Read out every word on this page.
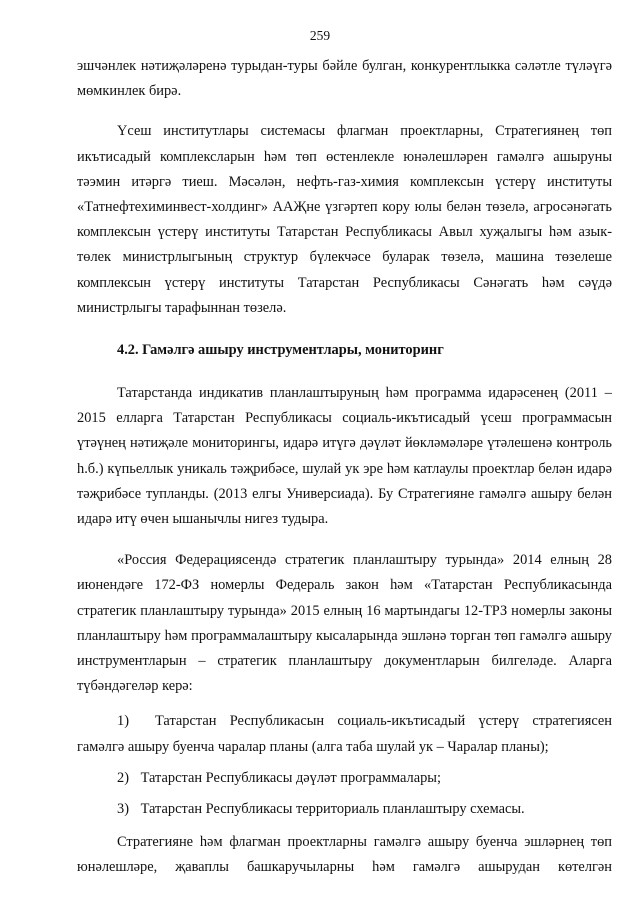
259

эшчәнлек нәтиҗәләренә турыдан-туры бәйле булган, конкурентлыкка сәләтле түләүгә мөмкинлек бирә.

Үсеш институтлары системасы флагман проектларны, Стратегиянең төп икътисадый комплексларын һәм төп өстенлекле юнәлешләрен гамәлгә ашыруны тәэмин итәргә тиеш. Мәсәлән, нефть-газ-химия комплексын үстерү институты «Татнефтехиминвест-холдинг» ААҖне үзгәртеп кору юлы белән төзелә, агросәнәгать комплексын үстерү институты Татарстан Республикасы Авыл хуҗалыгы һәм азык-төлек министрлыгының структур бүлекчәсе буларак төзелә, машина төзелеше комплексын үстерү институты Татарстан Республикасы Сәнәгать һәм сәүдә министрлыгы тарафыннан төзелә.

4.2. Гамәлгә ашыру инструментлары, мониторинг

Татарстанда индикатив планлаштыруның һәм программа идарәсенең (2011 – 2015 елларга Татарстан Республикасы социаль-икътисадый үсеш программасын үтәүнең нәтиҗәле мониторингы, идарә итүгә дәүләт йөкләмәләре үтәлешенә контроль h.б.) күпьеллык уникаль тәҗрибәсе, шулай ук эре һәм катлаулы проектлар белән идарә тәҗрибәсе тупланды. (2013 елгы Универсиада). Бу Стратегияне гамәлгә ашыру белән идарә итү өчен ышанычлы нигез тудыра.

«Россия Федерациясендә стратегик планлаштыру турында» 2014 елның 28 июнендәге 172-ФЗ номерлы Федераль закон һәм «Татарстан Республикасында стратегик планлаштыру турында» 2015 елның 16 мартындагы 12-ТРЗ номерлы законы планлаштыру һәм программалаштыру кысаларында эшләнә торган төп гамәлгә ашыру инструментларын – стратегик планлаштыру документларын билгеләде. Аларга түбәндәгеләр керә:

1) Татарстан Республикасын социаль-икътисадый үстерү стратегиясен гамәлгә ашыру буенча чаралар планы (алга таба шулай ук – Чаралар планы);

2) Татарстан Республикасы дәүләт программалары;

3) Татарстан Республикасы территориаль планлаштыру схемасы.

Стратегияне һәм флагман проектларны гамәлгә ашыру буенча эшләрнең төп юнәлешләре, җаваплы башкаручыларны һәм гамәлгә ашырудан көтелгән
